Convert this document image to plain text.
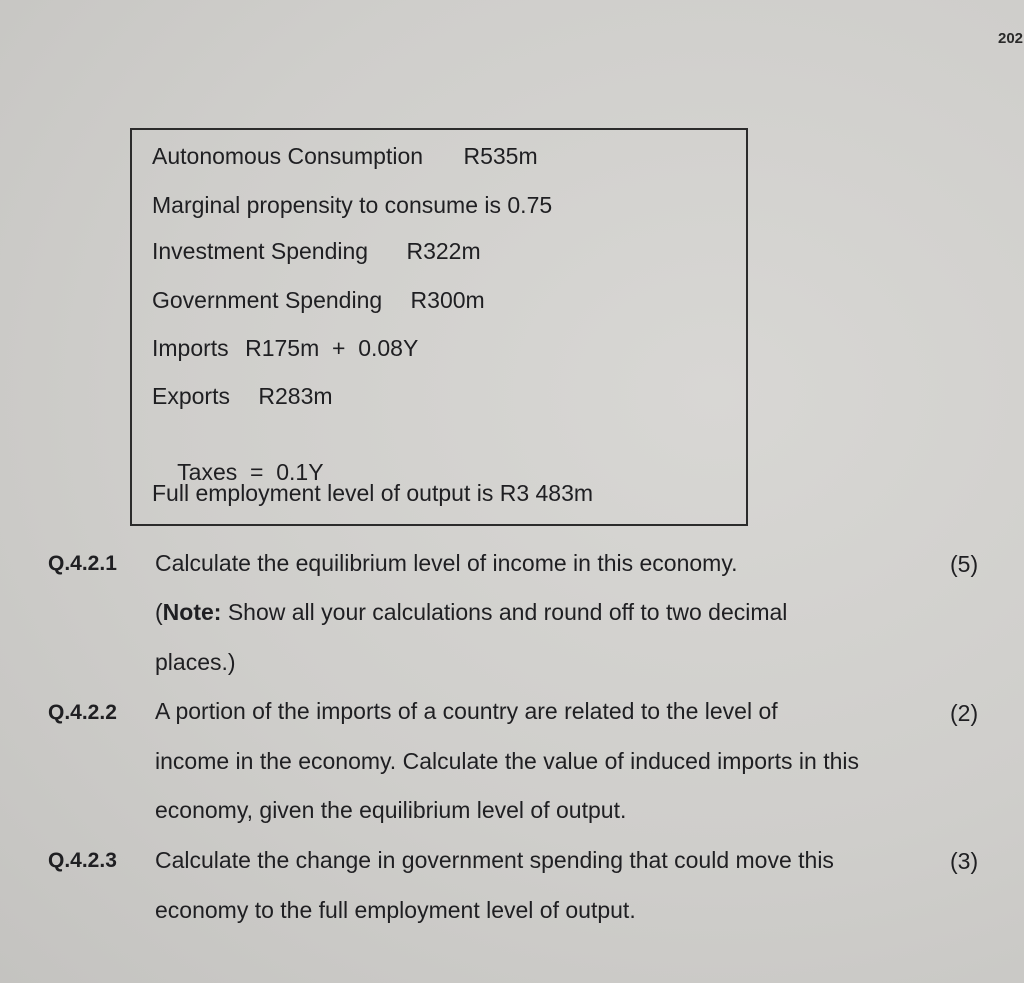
202
Autonomous Consumption R535m
Marginal propensity to consume is 0.75
Investment Spending R322m
Government Spending R300m
Imports R175m  +  0.08Y
Exports R283m

Taxes  =  0.1Y

Full employment level of output is R3 483m
Q.4.2.1 Calculate the equilibrium level of income in this economy.
(Note: Show all your calculations and round off to two decimal
places.)
(5)
Q.4.2.2 A portion of the imports of a country are related to the level of
income in the economy. Calculate the value of induced imports in this
economy, given the equilibrium level of output.
(2)
Q.4.2.3 Calculate the change in government spending that could move this
economy to the full employment level of output.
(3)
